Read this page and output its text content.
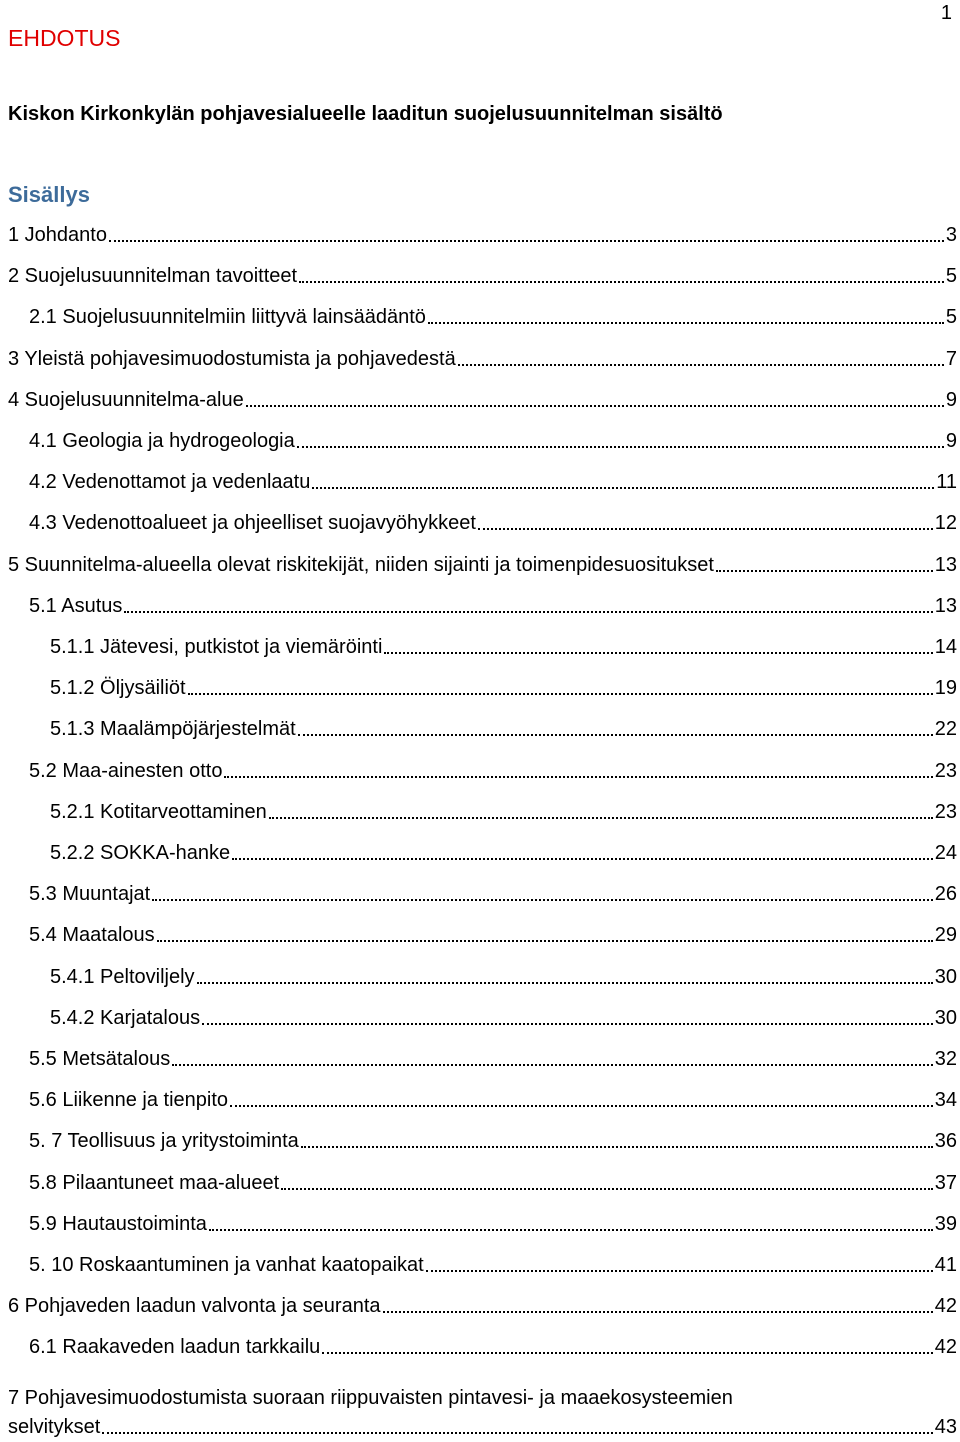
1
EHDOTUS
Kiskon Kirkonkylän pohjavesialueelle laaditun suojelusuunnitelman sisältö
Sisällys
1 Johdanto	3
2 Suojelusuunnitelman tavoitteet	5
2.1 Suojelusuunnitelmiin liittyvä lainsäädäntö	5
3 Yleistä pohjavesimuodostumista ja pohjavedestä	7
4 Suojelusuunnitelma-alue	9
4.1 Geologia ja hydrogeologia	9
4.2 Vedenottamot ja vedenlaatu	11
4.3 Vedenottoalueet ja ohjeelliset suojavyöhykkeet	12
5 Suunnitelma-alueella olevat riskitekijät, niiden sijainti ja toimenpidesuositukset	13
5.1 Asutus	13
5.1.1 Jätevesi, putkistot ja viemäröinti	14
5.1.2 Öljysäiliöt	19
5.1.3 Maalämpöjärjestelmät	22
5.2 Maa-ainesten otto	23
5.2.1 Kotitarveottaminen	23
5.2.2 SOKKA-hanke	24
5.3 Muuntajat	26
5.4 Maatalous	29
5.4.1 Peltoviljely	30
5.4.2 Karjatalous	30
5.5 Metsätalous	32
5.6 Liikenne ja tienpito	34
5. 7 Teollisuus ja yritystoiminta	36
5.8 Pilaantuneet maa-alueet	37
5.9 Hautaustoiminta	39
5. 10 Roskaantuminen ja vanhat kaatopaikat	41
6 Pohjaveden laadun valvonta ja seuranta	42
6.1 Raakaveden laadun tarkkailu	42
7 Pohjavesimuodostumista suoraan riippuvaisten pintavesi- ja maaekosysteemien
selvitykset	43
